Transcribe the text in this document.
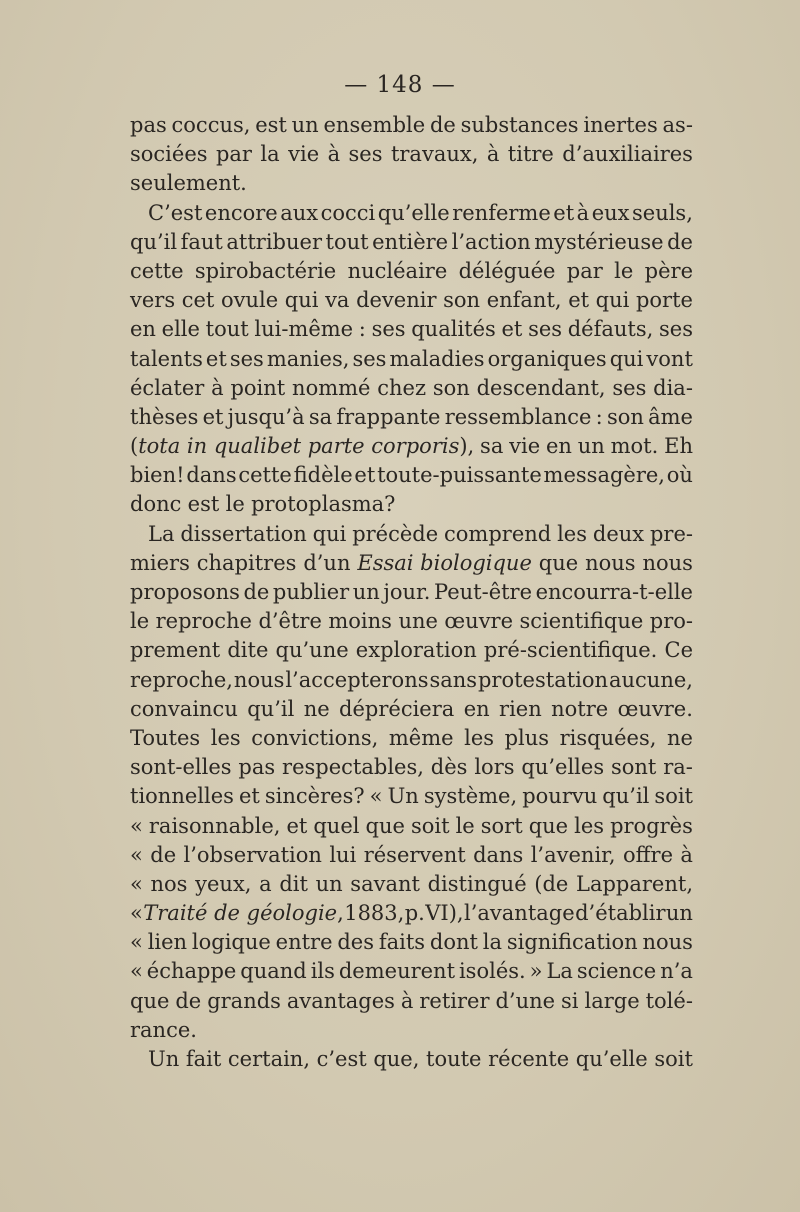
— 148 —
pas coccus, est un ensemble de substances inertes as-
sociées par la vie à ses travaux, à titre d’auxiliaires
seulement.
C’est encore aux cocci qu’elle renferme et à eux seuls,
qu’il faut attribuer tout entière l’action mystérieuse de
cette spirobactérie nucléaire déléguée par le père
vers cet ovule qui va devenir son enfant, et qui porte
en elle tout lui-même : ses qualités et ses défauts, ses
talents et ses manies, ses maladies organiques qui vont
éclater à point nommé chez son descendant, ses dia-
thèses et jusqu’à sa frappante ressemblance : son âme
(tota in qualibet parte corporis), sa vie en un mot. Eh
bien! dans cette fidèle et toute-puissante messagère, où
donc est le protoplasma?
La dissertation qui précède comprend les deux pre-
miers chapitres d’un Essai biologique que nous nous
proposons de publier un jour. Peut-être encourra-t-elle
le reproche d’être moins une œuvre scientifique pro-
prement dite qu’une exploration pré-scientifique. Ce
reproche, nous l’accepterons sans protestation aucune,
convaincu qu’il ne dépréciera en rien notre œuvre.
Toutes les convictions, même les plus risquées, ne
sont-elles pas respectables, dès lors qu’elles sont ra-
tionnelles et sincères? « Un système, pourvu qu’il soit
« raisonnable, et quel que soit le sort que les progrès
« de l’observation lui réservent dans l’avenir, offre à
« nos yeux, a dit un savant distingué (de Lapparent,
« Traité de géologie, 1883, p. VI), l’avantage d’établir un
« lien logique entre des faits dont la signification nous
« échappe quand ils demeurent isolés. » La science n’a
que de grands avantages à retirer d’une si large tolé-
rance.
Un fait certain, c’est que, toute récente qu’elle soit
